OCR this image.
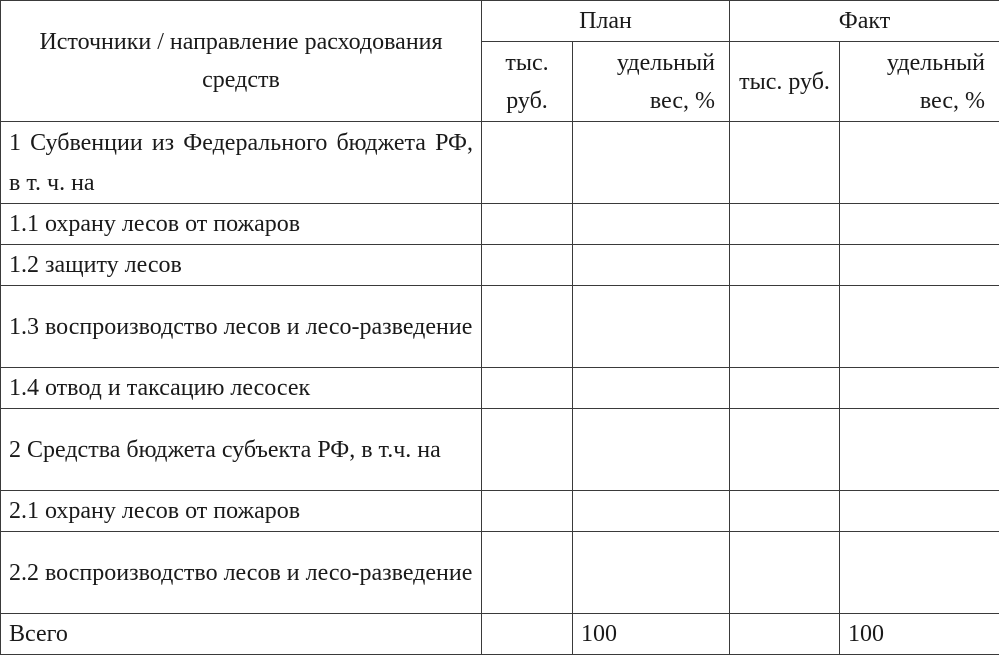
Источники / направление расходования средств	План		Факт	
	тыс. руб.	удельный вес, %	тыс. руб.	удельный вес, %
1 Субвенции из Федерального бюджета РФ, в т. ч. на				
1.1 охрану лесов от пожаров				
1.2 защиту лесов				
1.3 воспроизводство лесов и лесо-разведение				
1.4 отвод и таксацию лесосек				
2 Средства бюджета субъекта РФ, в т.ч. на				
2.1 охрану лесов от пожаров				
2.2 воспроизводство лесов и лесо-разведение				
Всего		100		100
